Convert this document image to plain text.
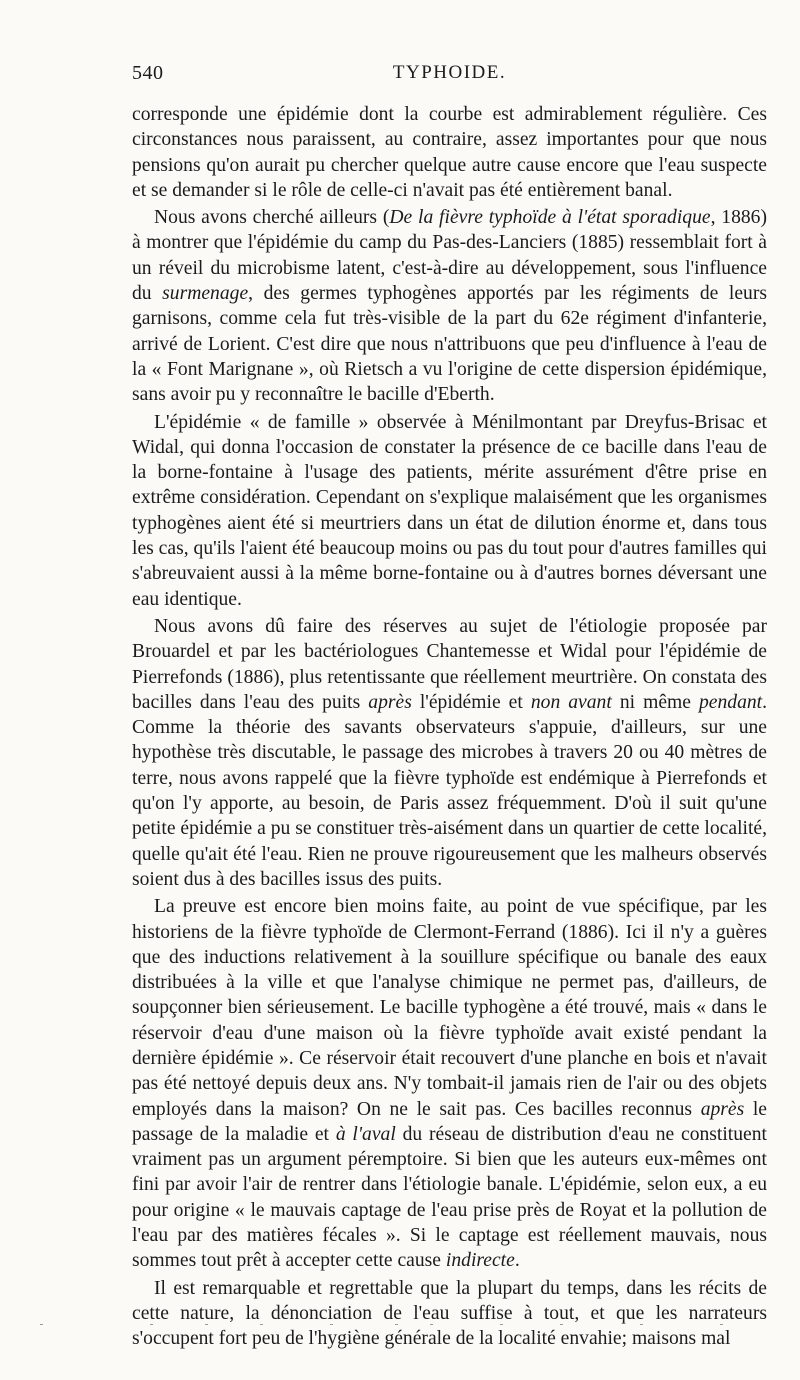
540	TYPHOIDE.

corresponde une épidémie dont la courbe est admirablement régulière. Ces circonstances nous paraissent, au contraire, assez importantes pour que nous pensions qu'on aurait pu chercher quelque autre cause encore que l'eau suspecte et se demander si le rôle de celle-ci n'avait pas été entièrement banal.

Nous avons cherché ailleurs (De la fièvre typhoïde à l'état sporadique, 1886) à montrer que l'épidémie du camp du Pas-des-Lanciers (1885) ressemblait fort à un réveil du microbisme latent, c'est-à-dire au développement, sous l'influence du surmenage, des germes typhogènes apportés par les régiments de leurs garnisons, comme cela fut très-visible de la part du 62e régiment d'infanterie, arrivé de Lorient. C'est dire que nous n'attribuons que peu d'influence à l'eau de la « Font Marignane », où Rietsch a vu l'origine de cette dispersion épidémique, sans avoir pu y reconnaître le bacille d'Eberth.

L'épidémie « de famille » observée à Ménilmontant par Dreyfus-Brisac et Widal, qui donna l'occasion de constater la présence de ce bacille dans l'eau de la borne-fontaine à l'usage des patients, mérite assurément d'être prise en extrême considération. Cependant on s'explique malaisément que les organismes typhogènes aient été si meurtriers dans un état de dilution énorme et, dans tous les cas, qu'ils l'aient été beaucoup moins ou pas du tout pour d'autres familles qui s'abreuvaient aussi à la même borne-fontaine ou à d'autres bornes déversant une eau identique.

Nous avons dû faire des réserves au sujet de l'étiologie proposée par Brouardel et par les bactériologues Chantemesse et Widal pour l'épidémie de Pierrefonds (1886), plus retentissante que réellement meurtrière. On constata des bacilles dans l'eau des puits après l'épidémie et non avant ni même pendant. Comme la théorie des savants observateurs s'appuie, d'ailleurs, sur une hypothèse très discutable, le passage des microbes à travers 20 ou 40 mètres de terre, nous avons rappelé que la fièvre typhoïde est endémique à Pierrefonds et qu'on l'y apporte, au besoin, de Paris assez fréquemment. D'où il suit qu'une petite épidémie a pu se constituer très-aisément dans un quartier de cette localité, quelle qu'ait été l'eau. Rien ne prouve rigoureusement que les malheurs observés soient dus à des bacilles issus des puits.

La preuve est encore bien moins faite, au point de vue spécifique, par les historiens de la fièvre typhoïde de Clermont-Ferrand (1886). Ici il n'y a guères que des inductions relativement à la souillure spécifique ou banale des eaux distribuées à la ville et que l'analyse chimique ne permet pas, d'ailleurs, de soupçonner bien sérieusement. Le bacille typhogène a été trouvé, mais « dans le réservoir d'eau d'une maison où la fièvre typhoïde avait existé pendant la dernière épidémie ». Ce réservoir était recouvert d'une planche en bois et n'avait pas été nettoyé depuis deux ans. N'y tombait-il jamais rien de l'air ou des objets employés dans la maison? On ne le sait pas. Ces bacilles reconnus après le passage de la maladie et à l'aval du réseau de distribution d'eau ne constituent vraiment pas un argument péremptoire. Si bien que les auteurs eux-mêmes ont fini par avoir l'air de rentrer dans l'étiologie banale. L'épidémie, selon eux, a eu pour origine « le mauvais captage de l'eau prise près de Royat et la pollution de l'eau par des matières fécales ». Si le captage est réellement mauvais, nous sommes tout prêt à accepter cette cause indirecte.

Il est remarquable et regrettable que la plupart du temps, dans les récits de cette nature, la dénonciation de l'eau suffise à tout, et que les narrateurs s'occupent fort peu de l'hygiène générale de la localité envahie; maisons mal
